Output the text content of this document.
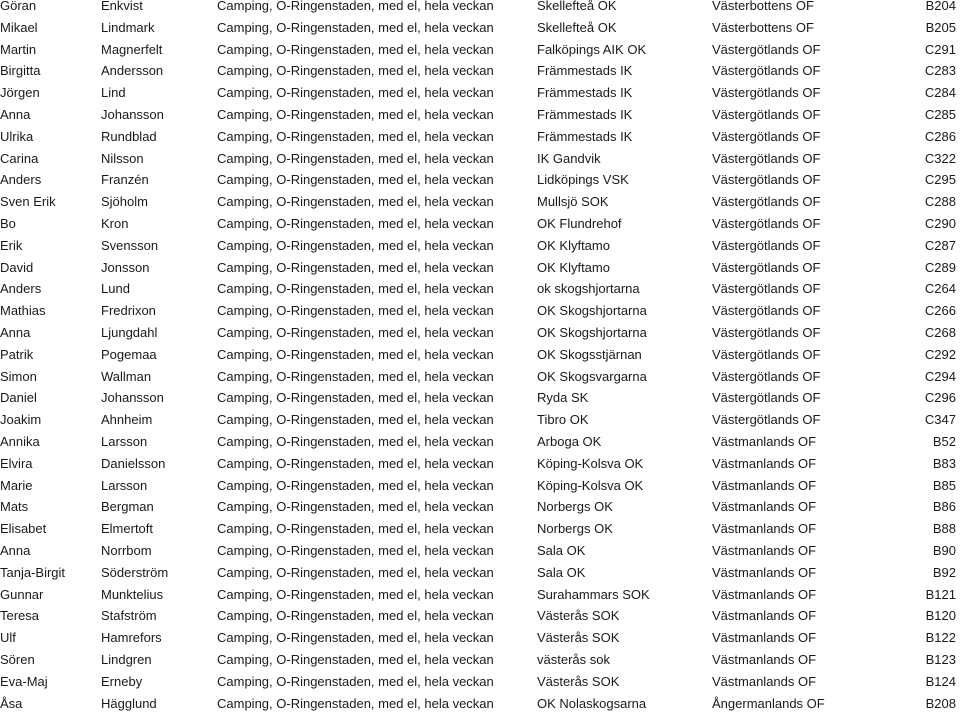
Göran	Enkvist	Camping, O-Ringenstaden, med el, hela veckan	Skellefteå OK	Västerbottens OF	B204
Mikael	Lindmark	Camping, O-Ringenstaden, med el, hela veckan	Skellefteå OK	Västerbottens OF	B205
Martin	Magnerfelt	Camping, O-Ringenstaden, med el, hela veckan	Falköpings AIK OK	Västergötlands OF	C291
Birgitta	Andersson	Camping, O-Ringenstaden, med el, hela veckan	Främmestads IK	Västergötlands OF	C283
Jörgen	Lind	Camping, O-Ringenstaden, med el, hela veckan	Främmestads IK	Västergötlands OF	C284
Anna	Johansson	Camping, O-Ringenstaden, med el, hela veckan	Främmestads IK	Västergötlands OF	C285
Ulrika	Rundblad	Camping, O-Ringenstaden, med el, hela veckan	Främmestads IK	Västergötlands OF	C286
Carina	Nilsson	Camping, O-Ringenstaden, med el, hela veckan	IK Gandvik	Västergötlands OF	C322
Anders	Franzén	Camping, O-Ringenstaden, med el, hela veckan	Lidköpings VSK	Västergötlands OF	C295
Sven Erik	Sjöholm	Camping, O-Ringenstaden, med el, hela veckan	Mullsjö SOK	Västergötlands OF	C288
Bo	Kron	Camping, O-Ringenstaden, med el, hela veckan	OK Flundrehof	Västergötlands OF	C290
Erik	Svensson	Camping, O-Ringenstaden, med el, hela veckan	OK Klyftamo	Västergötlands OF	C287
David	Jonsson	Camping, O-Ringenstaden, med el, hela veckan	OK Klyftamo	Västergötlands OF	C289
Anders	Lund	Camping, O-Ringenstaden, med el, hela veckan	ok skogshjortarna	Västergötlands OF	C264
Mathias	Fredrixon	Camping, O-Ringenstaden, med el, hela veckan	OK Skogshjortarna	Västergötlands OF	C266
Anna	Ljungdahl	Camping, O-Ringenstaden, med el, hela veckan	OK Skogshjortarna	Västergötlands OF	C268
Patrik	Pogemaa	Camping, O-Ringenstaden, med el, hela veckan	OK Skogsstjärnan	Västergötlands OF	C292
Simon	Wallman	Camping, O-Ringenstaden, med el, hela veckan	OK Skogsvargarna	Västergötlands OF	C294
Daniel	Johansson	Camping, O-Ringenstaden, med el, hela veckan	Ryda SK	Västergötlands OF	C296
Joakim	Ahnheim	Camping, O-Ringenstaden, med el, hela veckan	Tibro OK	Västergötlands OF	C347
Annika	Larsson	Camping, O-Ringenstaden, med el, hela veckan	Arboga OK	Västmanlands OF	B52
Elvira	Danielsson	Camping, O-Ringenstaden, med el, hela veckan	Köping-Kolsva OK	Västmanlands OF	B83
Marie	Larsson	Camping, O-Ringenstaden, med el, hela veckan	Köping-Kolsva OK	Västmanlands OF	B85
Mats	Bergman	Camping, O-Ringenstaden, med el, hela veckan	Norbergs OK	Västmanlands OF	B86
Elisabet	Elmertoft	Camping, O-Ringenstaden, med el, hela veckan	Norbergs OK	Västmanlands OF	B88
Anna	Norrbom	Camping, O-Ringenstaden, med el, hela veckan	Sala OK	Västmanlands OF	B90
Tanja-Birgit	Söderström	Camping, O-Ringenstaden, med el, hela veckan	Sala OK	Västmanlands OF	B92
Gunnar	Munktelius	Camping, O-Ringenstaden, med el, hela veckan	Surahammars SOK	Västmanlands OF	B121
Teresa	Stafström	Camping, O-Ringenstaden, med el, hela veckan	Västerås SOK	Västmanlands OF	B120
Ulf	Hamrefors	Camping, O-Ringenstaden, med el, hela veckan	Västerås SOK	Västmanlands OF	B122
Sören	Lindgren	Camping, O-Ringenstaden, med el, hela veckan	västerås sok	Västmanlands OF	B123
Eva-Maj	Erneby	Camping, O-Ringenstaden, med el, hela veckan	Västerås SOK	Västmanlands OF	B124
Åsa	Hägglund	Camping, O-Ringenstaden, med el, hela veckan	OK Nolaskogsarna	Ångermanlands OF	B208
